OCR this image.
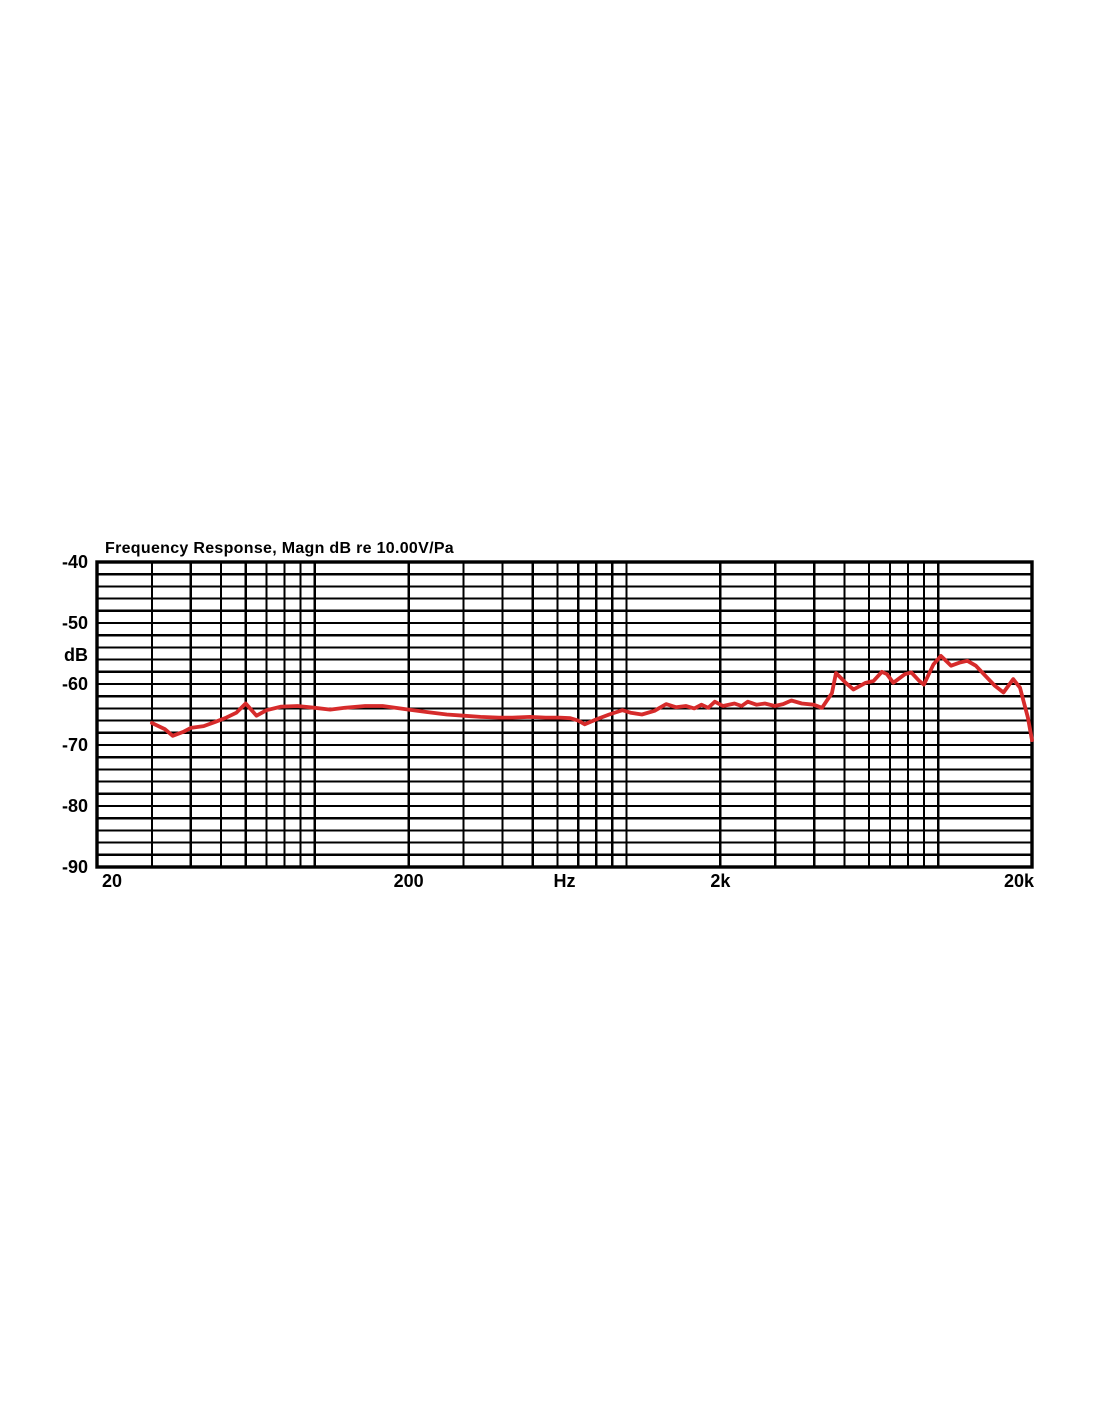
Frequency Response, Magn dB re 10.00V/Pa
-40
-50
-60
-70
-80
-90
dB
20	200	Hz	2k	20k
